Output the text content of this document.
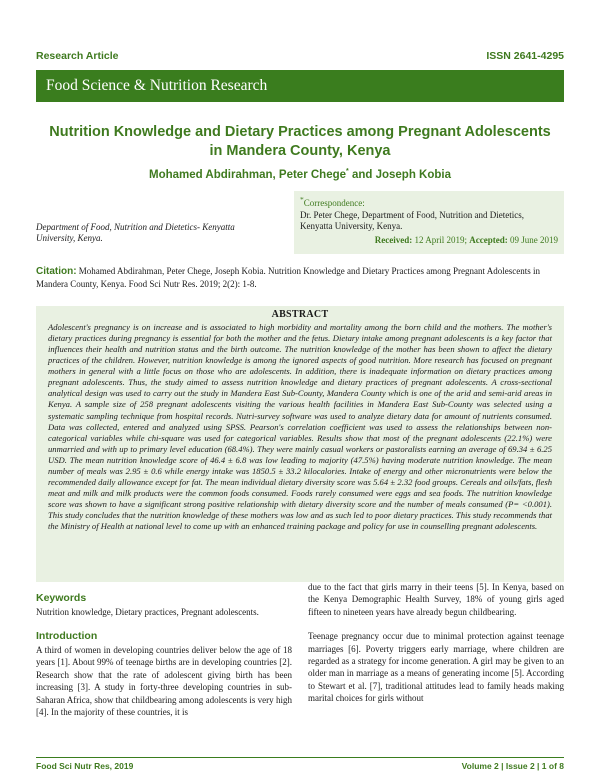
Research Article	ISSN 2641-4295
Food Science & Nutrition Research
Nutrition Knowledge and Dietary Practices among Pregnant Adolescents
in Mandera County, Kenya
Mohamed Abdirahman, Peter Chege* and Joseph Kobia
Department of Food, Nutrition and Dietetics- Kenyatta University, Kenya.
*Correspondence:
Dr. Peter Chege, Department of Food, Nutrition and Dietetics,
Kenyatta University, Kenya.
Received: 12 April 2019; Accepted: 09 June 2019
Citation: Mohamed Abdirahman, Peter Chege, Joseph Kobia. Nutrition Knowledge and Dietary Practices among Pregnant Adolescents in Mandera County, Kenya. Food Sci Nutr Res. 2019; 2(2): 1-8.
ABSTRACT
Adolescent's pregnancy is on increase and is associated to high morbidity and mortality among the born child and the mothers. The mother's dietary practices during pregnancy is essential for both the mother and the fetus. Dietary intake among pregnant adolescents is a key factor that influences their health and nutrition status and the birth outcome. The nutrition knowledge of the mother has been shown to affect the dietary practices of the children. However, nutrition knowledge is among the ignored aspects of good nutrition. More research has focused on pregnant mothers in general with a little focus on those who are adolescents. In addition, there is inadequate information on dietary practices among pregnant adolescents. Thus, the study aimed to assess nutrition knowledge and dietary practices of pregnant adolescents. A cross-sectional analytical design was used to carry out the study in Mandera East Sub-County, Mandera County which is one of the arid and semi-arid areas in Kenya. A sample size of 258 pregnant adolescents visiting the various health facilities in Mandera East Sub-County was selected using a systematic sampling technique from hospital records. Nutri-survey software was used to analyze dietary data for amount of nutrients consumed. Data was collected, entered and analyzed using SPSS. Pearson's correlation coefficient was used to assess the relationships between non-categorical variables while chi-square was used for categorical variables. Results show that most of the pregnant adolescents (22.1%) were unmarried and with up to primary level education (68.4%). They were mainly casual workers or pastoralists earning an average of 69.34 ± 6.25 USD. The mean nutrition knowledge score of 46.4 ± 6.8 was low leading to majority (47.5%) having moderate nutrition knowledge. The mean number of meals was 2.95 ± 0.6 while energy intake was 1850.5 ± 33.2 kilocalories. Intake of energy and other micronutrients were below the recommended daily allowance except for fat. The mean individual dietary diversity score was 5.64 ± 2.32 food groups. Cereals and oils/fats, flesh meat and milk and milk products were the common foods consumed. Foods rarely consumed were eggs and sea foods. The nutrition knowledge score was shown to have a significant strong positive relationship with dietary diversity score and the number of meals consumed (P= <0.001). This study concludes that the nutrition knowledge of these mothers was low and as such led to poor dietary practices. This study recommends that the Ministry of Health at national level to come up with an enhanced training package and policy for use in counselling pregnant adolescents.
Keywords
Nutrition knowledge, Dietary practices, Pregnant adolescents.
Introduction
A third of women in developing countries deliver below the age of 18 years [1]. About 99% of teenage births are in developing countries [2]. Research show that the rate of adolescent giving birth has been increasing [3]. A study in forty-three developing countries in sub-Saharan Africa, show that childbearing among adolescents is very high [4]. In the majority of these countries, it is
due to the fact that girls marry in their teens [5]. In Kenya, based on the Kenya Demographic Health Survey, 18% of young girls aged fifteen to nineteen years have already begun childbearing.
Teenage pregnancy occur due to minimal protection against teenage marriages [6]. Poverty triggers early marriage, where children are regarded as a strategy for income generation. A girl may be given to an older man in marriage as a means of generating income [5]. According to Stewart et al. [7], traditional attitudes lead to family heads making marital choices for girls without
Food Sci Nutr Res, 2019	Volume 2 | Issue 2 | 1 of 8
